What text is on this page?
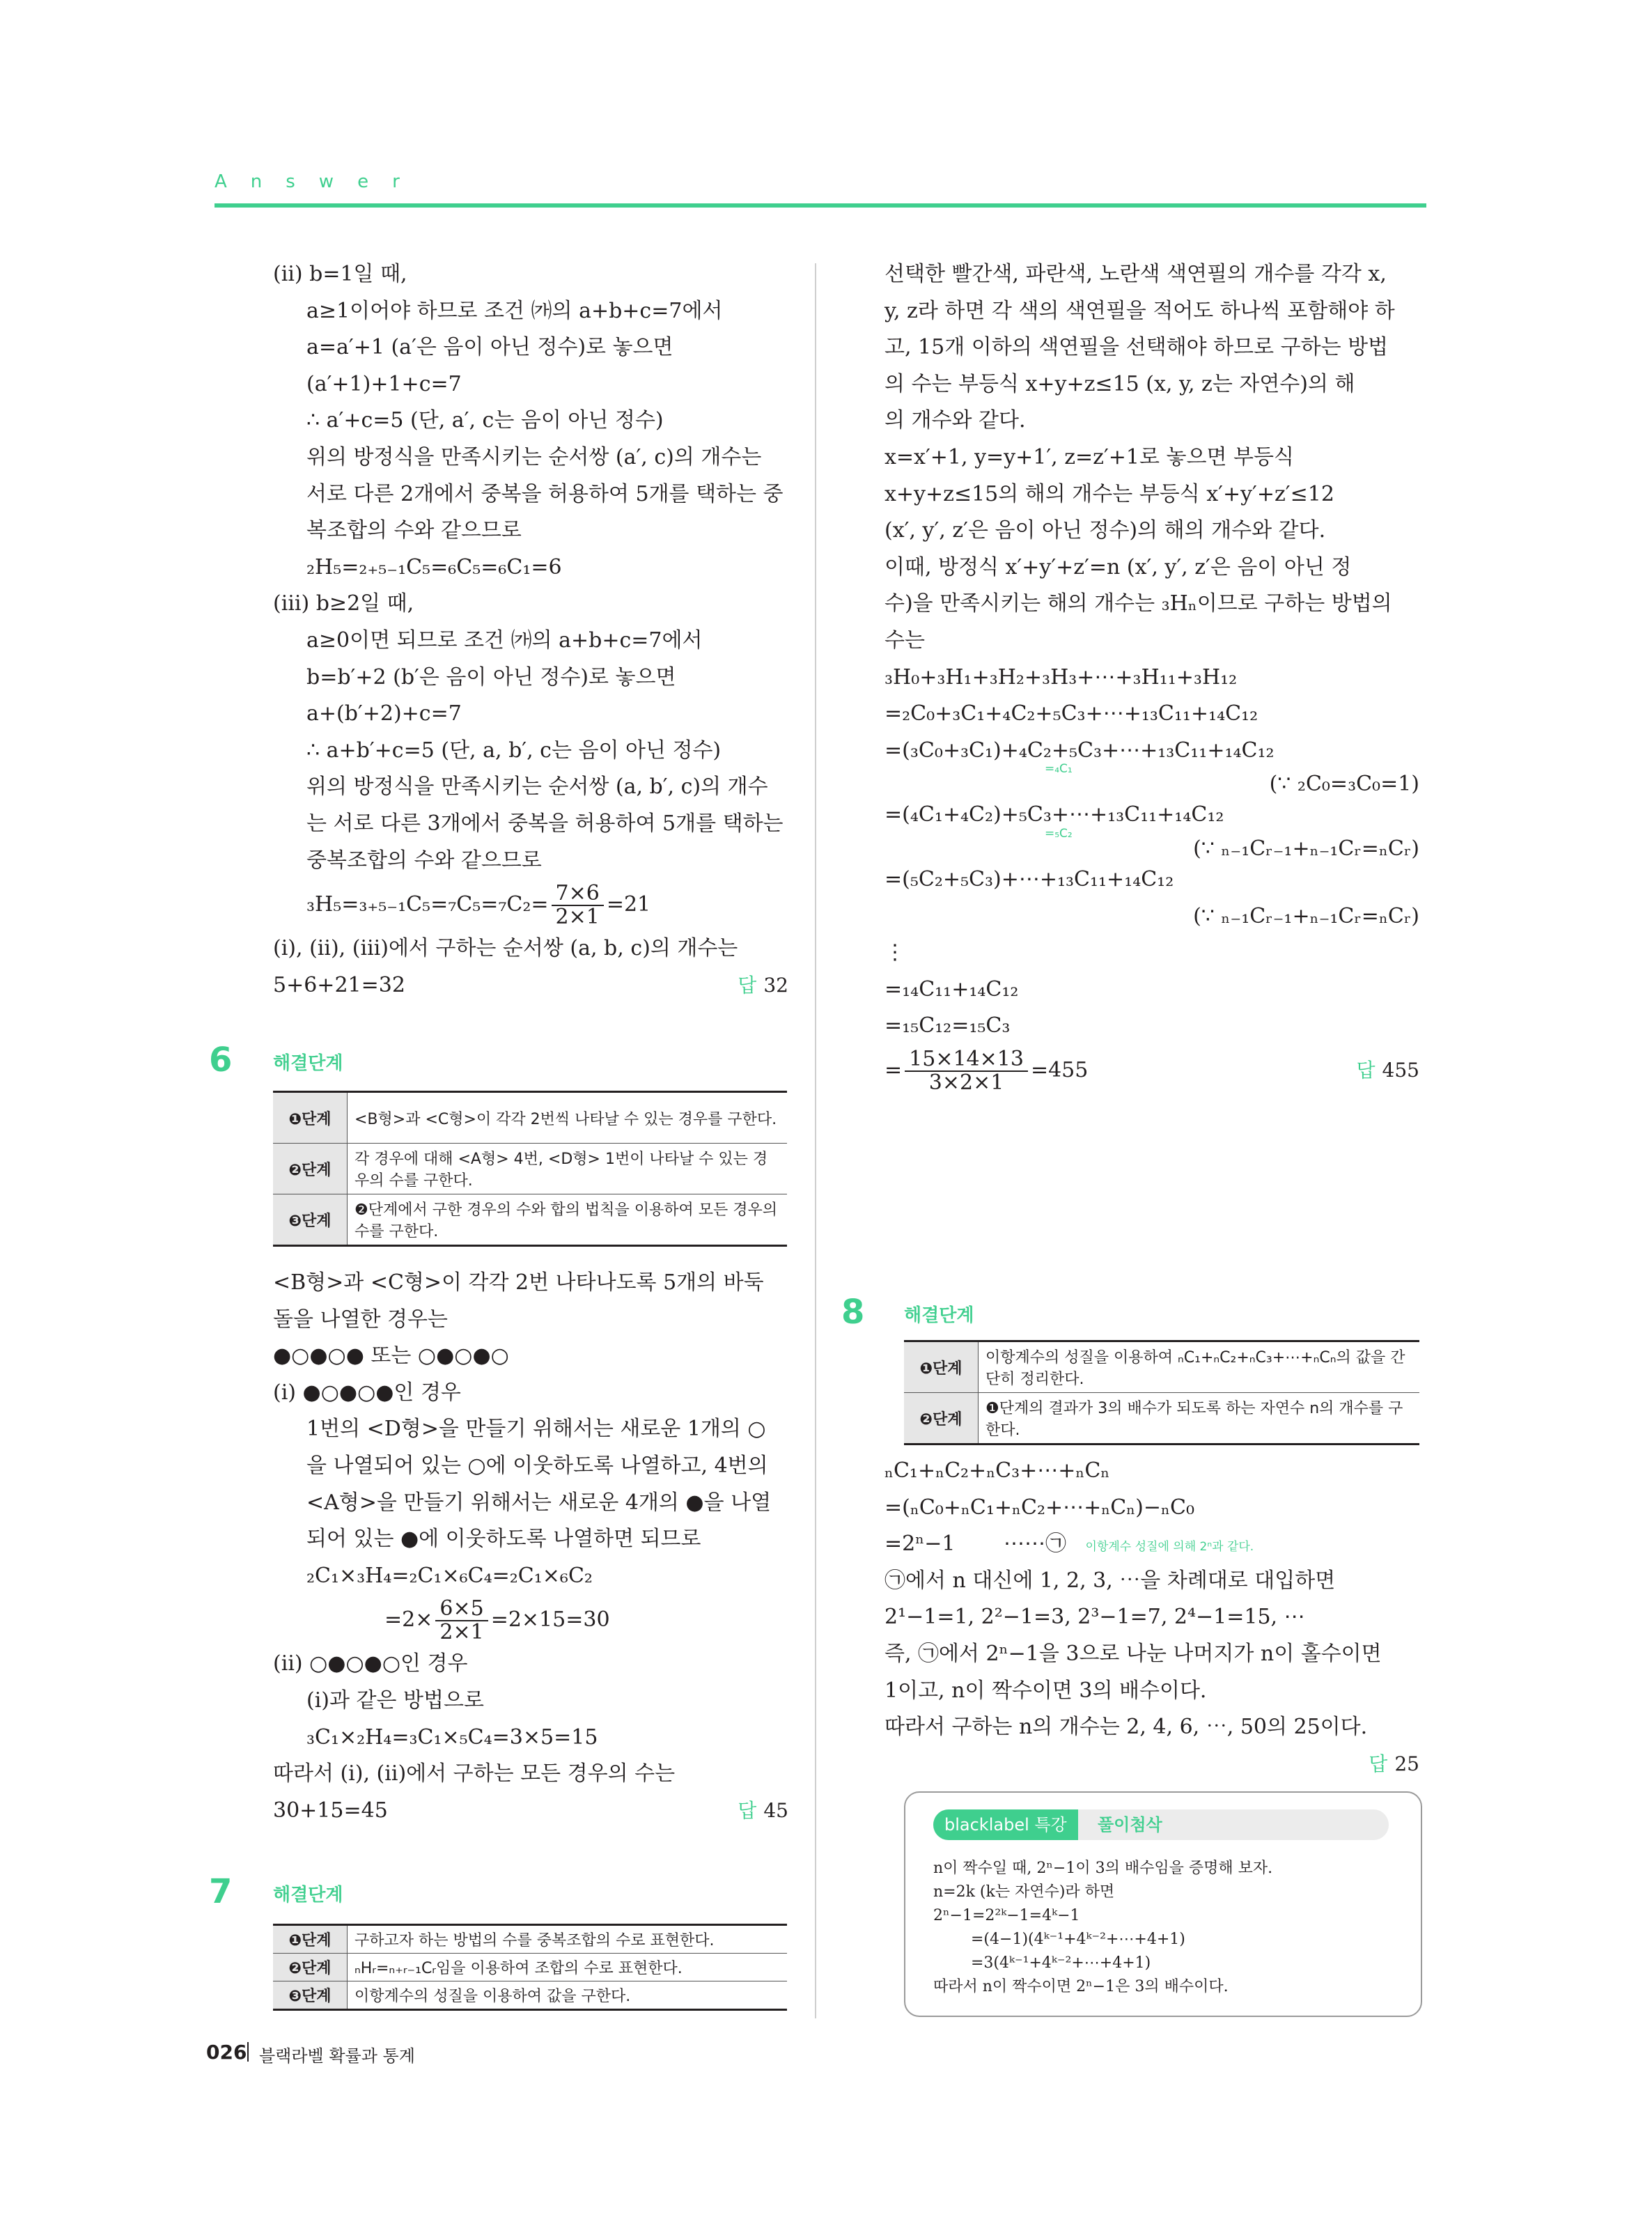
Answer
(ⅱ) b=1일 때,
a≥1이어야 하므로 조건 ㈎의 a+b+c=7에서
a=a′+1 (a′은 음이 아닌 정수)로 놓으면
(a′+1)+1+c=7
∴ a′+c=5 (단, a′, c는 음이 아닌 정수)
위의 방정식을 만족시키는 순서쌍 (a′, c)의 개수는
서로 다른 2개에서 중복을 허용하여 5개를 택하는 중
복조합의 수와 같으므로
₂H₅=₂₊₅₋₁C₅=₆C₅=₆C₁=6
(ⅲ) b≥2일 때,
a≥0이면 되므로 조건 ㈎의 a+b+c=7에서
b=b′+2 (b′은 음이 아닌 정수)로 놓으면
a+(b′+2)+c=7
∴ a+b′+c=5 (단, a, b′, c는 음이 아닌 정수)
위의 방정식을 만족시키는 순서쌍 (a, b′, c)의 개수
는 서로 다른 3개에서 중복을 허용하여 5개를 택하는
중복조합의 수와 같으므로
$_3H_5=_{3+5-1}C_5=_7C_5=_7C_2= \frac{7\times 6}{2\times 1} =21$
(ⅰ), (ⅱ), (ⅲ)에서 구하는 순서쌍 (a, b, c)의 개수는
5+6+21=32	답 32
6 해결단계
❶단계	<B형>과 <C형>이 각각 2번씩 나타날 수 있는 경우를 구한다.
❷단계	각 경우에 대해 <A형> 4번, <D형> 1번이 나타날 수 있는 경우의 수를 구한다.
❸단계	❷단계에서 구한 경우의 수와 합의 법칙을 이용하여 모든 경우의 수를 구한다.
<B형>과 <C형>이 각각 2번 나타나도록 5개의 바둑
돌을 나열한 경우는
●○●○● 또는 ○●○●○
(ⅰ) ●○●○●인 경우
1번의 <D형>을 만들기 위해서는 새로운 1개의 ○
을 나열되어 있는 ○에 이웃하도록 나열하고, 4번의
<A형>을 만들기 위해서는 새로운 4개의 ●을 나열
되어 있는 ●에 이웃하도록 나열하면 되므로
₂C₁×₃H₄=₂C₁×₆C₄=₂C₁×₆C₂
$=2\times \frac{6\times 5}{2\times 1} =2\times 15=30$
(ⅱ) ○●○●○인 경우
(ⅰ)과 같은 방법으로
₃C₁×₂H₄=₃C₁×₅C₄=3×5=15
따라서 (ⅰ), (ⅱ)에서 구하는 모든 경우의 수는
30+15=45	답 45
7 해결단계
❶단계	구하고자 하는 방법의 수를 중복조합의 수로 표현한다.
❷단계	ₙHᵣ=ₙ₊ᵣ₋₁Cᵣ임을 이용하여 조합의 수로 표현한다.
❸단계	이항계수의 성질을 이용하여 값을 구한다.
선택한 빨간색, 파란색, 노란색 색연필의 개수를 각각 x,
y, z라 하면 각 색의 색연필을 적어도 하나씩 포함해야 하
고, 15개 이하의 색연필을 선택해야 하므로 구하는 방법
의 수는 부등식 x+y+z≤15 (x, y, z는 자연수)의 해
의 개수와 같다.
x=x′+1, y=y+1′, z=z′+1로 놓으면 부등식
x+y+z≤15의 해의 개수는 부등식 x′+y′+z′≤12
(x′, y′, z′은 음이 아닌 정수)의 해의 개수와 같다.
이때, 방정식 x′+y′+z′=n (x′, y′, z′은 음이 아닌 정
수)을 만족시키는 해의 개수는 ₃Hₙ이므로 구하는 방법의
수는
₃H₀+₃H₁+₃H₂+₃H₃+⋯+₃H₁₁+₃H₁₂
=₂C₀+₃C₁+₄C₂+₅C₃+⋯+₁₃C₁₁+₁₄C₁₂
=(₃C₀+₃C₁)+₄C₂+₅C₃+⋯+₁₃C₁₁+₁₄C₁₂
=₄C₁
(∵ ₂C₀=₃C₀=1)
=(₄C₁+₄C₂)+₅C₃+⋯+₁₃C₁₁+₁₄C₁₂
=₅C₂
(∵ ₙ₋₁Cᵣ₋₁+ₙ₋₁Cᵣ=ₙCᵣ)
=(₅C₂+₅C₃)+⋯+₁₃C₁₁+₁₄C₁₂
(∵ ₙ₋₁Cᵣ₋₁+ₙ₋₁Cᵣ=ₙCᵣ)
⋮
=₁₄C₁₁+₁₄C₁₂
=₁₅C₁₂=₁₅C₃
= $\frac{15\times 14\times 13}{3\times 2\times 1} =455$	답 455
8 해결단계
❶단계	이항계수의 성질을 이용하여 ₙC₁+ₙC₂+ₙC₃+⋯+ₙCₙ의 값을 간단히 정리한다.
❷단계	❶단계의 결과가 3의 배수가 되도록 하는 자연수 n의 개수를 구한다.
ₙC₁+ₙC₂+ₙC₃+⋯+ₙCₙ
=(ₙC₀+ₙC₁+ₙC₂+⋯+ₙCₙ)−ₙC₀
=2ⁿ−1 ⋯⋯㉠ 이항계수 성질에 의해 2ⁿ과 같다.
㉠에서 n 대신에 1, 2, 3, ⋯을 차례대로 대입하면
2¹−1=1, 2²−1=3, 2³−1=7, 2⁴−1=15, ⋯
즉, ㉠에서 2ⁿ−1을 3으로 나눈 나머지가 n이 홀수이면
1이고, n이 짝수이면 3의 배수이다.
따라서 구하는 n의 개수는 2, 4, 6, ⋯, 50의 25이다.
답 25
blacklabel 특강	풀이첨삭
n이 짝수일 때, 2ⁿ−1이 3의 배수임을 증명해 보자.
n=2k (k는 자연수)라 하면
2ⁿ−1=2²ᵏ−1=4ᵏ−1
=(4−1)(4ᵏ⁻¹+4ᵏ⁻²+⋯+4+1)
=3(4ᵏ⁻¹+4ᵏ⁻²+⋯+4+1)
따라서 n이 짝수이면 2ⁿ−1은 3의 배수이다.
026 블랙라벨 확률과 통계
